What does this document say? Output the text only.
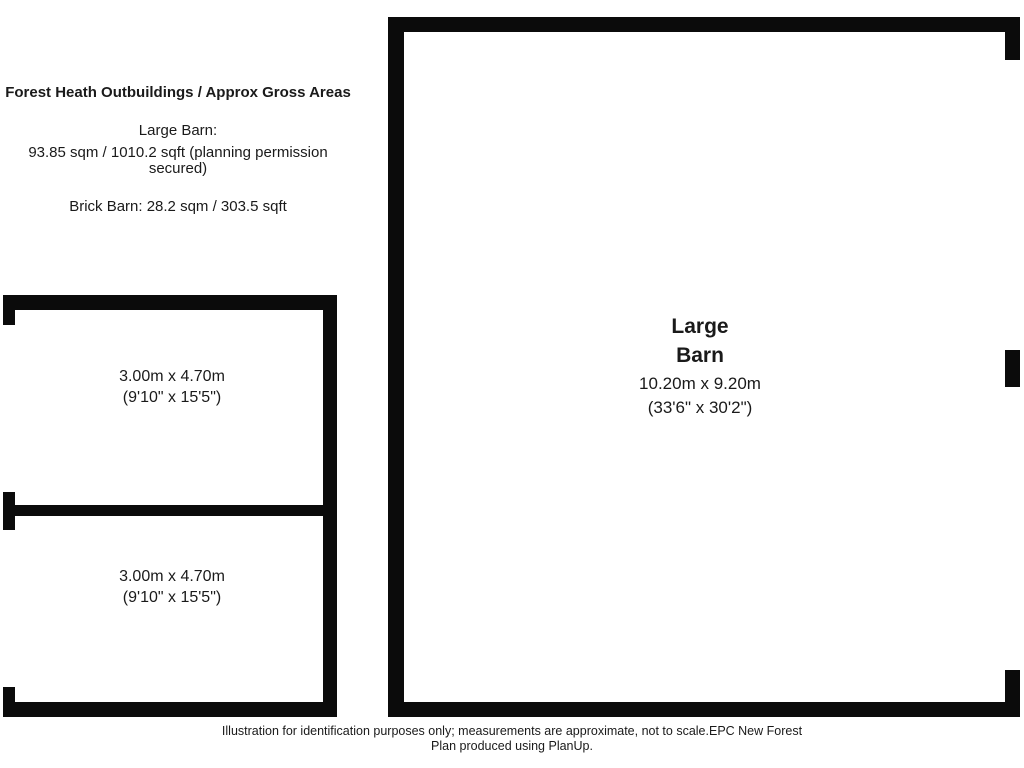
Forest Heath Outbuildings / Approx Gross Areas
Large Barn:
93.85 sqm / 1010.2 sqft (planning permission secured)
Brick Barn: 28.2 sqm / 303.5 sqft
Large
Barn
10.20m x 9.20m
(33'6" x 30'2")
3.00m x 4.70m
(9'10" x 15'5")
3.00m x 4.70m
(9'10" x 15'5")
Illustration for identification purposes only; measurements are approximate, not to scale.EPC New Forest
Plan produced using PlanUp.
